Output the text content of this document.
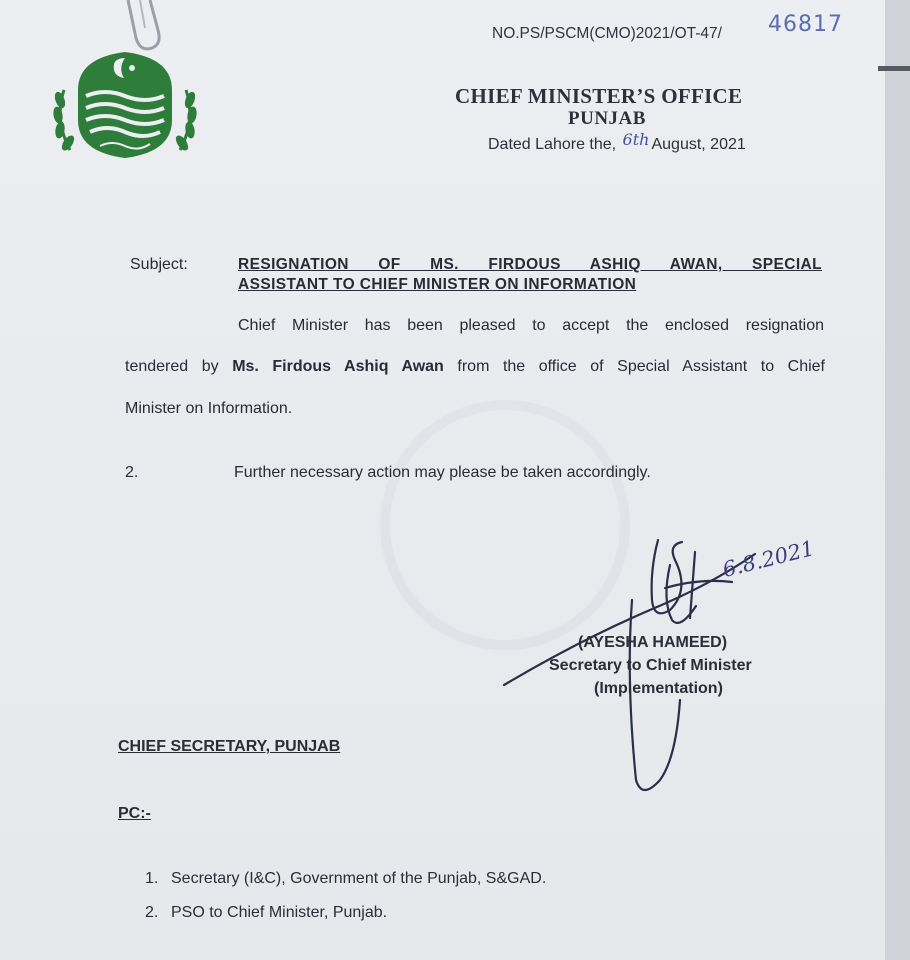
NO.PS/PSCM(CMO)2021/OT-47/ 46817
CHIEF MINISTER’S OFFICE
PUNJAB
Dated Lahore the, 6th August, 2021
Subject:	RESIGNATION OF MS. FIRDOUS ASHIQ AWAN, SPECIAL
ASSISTANT TO CHIEF MINISTER ON INFORMATION
Chief Minister has been pleased to accept the enclosed resignation
tendered by Ms. Firdous Ashiq Awan from the office of Special Assistant to Chief
Minister on Information.
2.	Further necessary action may please be taken accordingly.
6.8.2021
(AYESHA HAMEED)
Secretary to Chief Minister
(Implementation)
CHIEF SECRETARY, PUNJAB
PC:-
1. Secretary (I&C), Government of the Punjab, S&GAD.
2. PSO to Chief Minister, Punjab.
